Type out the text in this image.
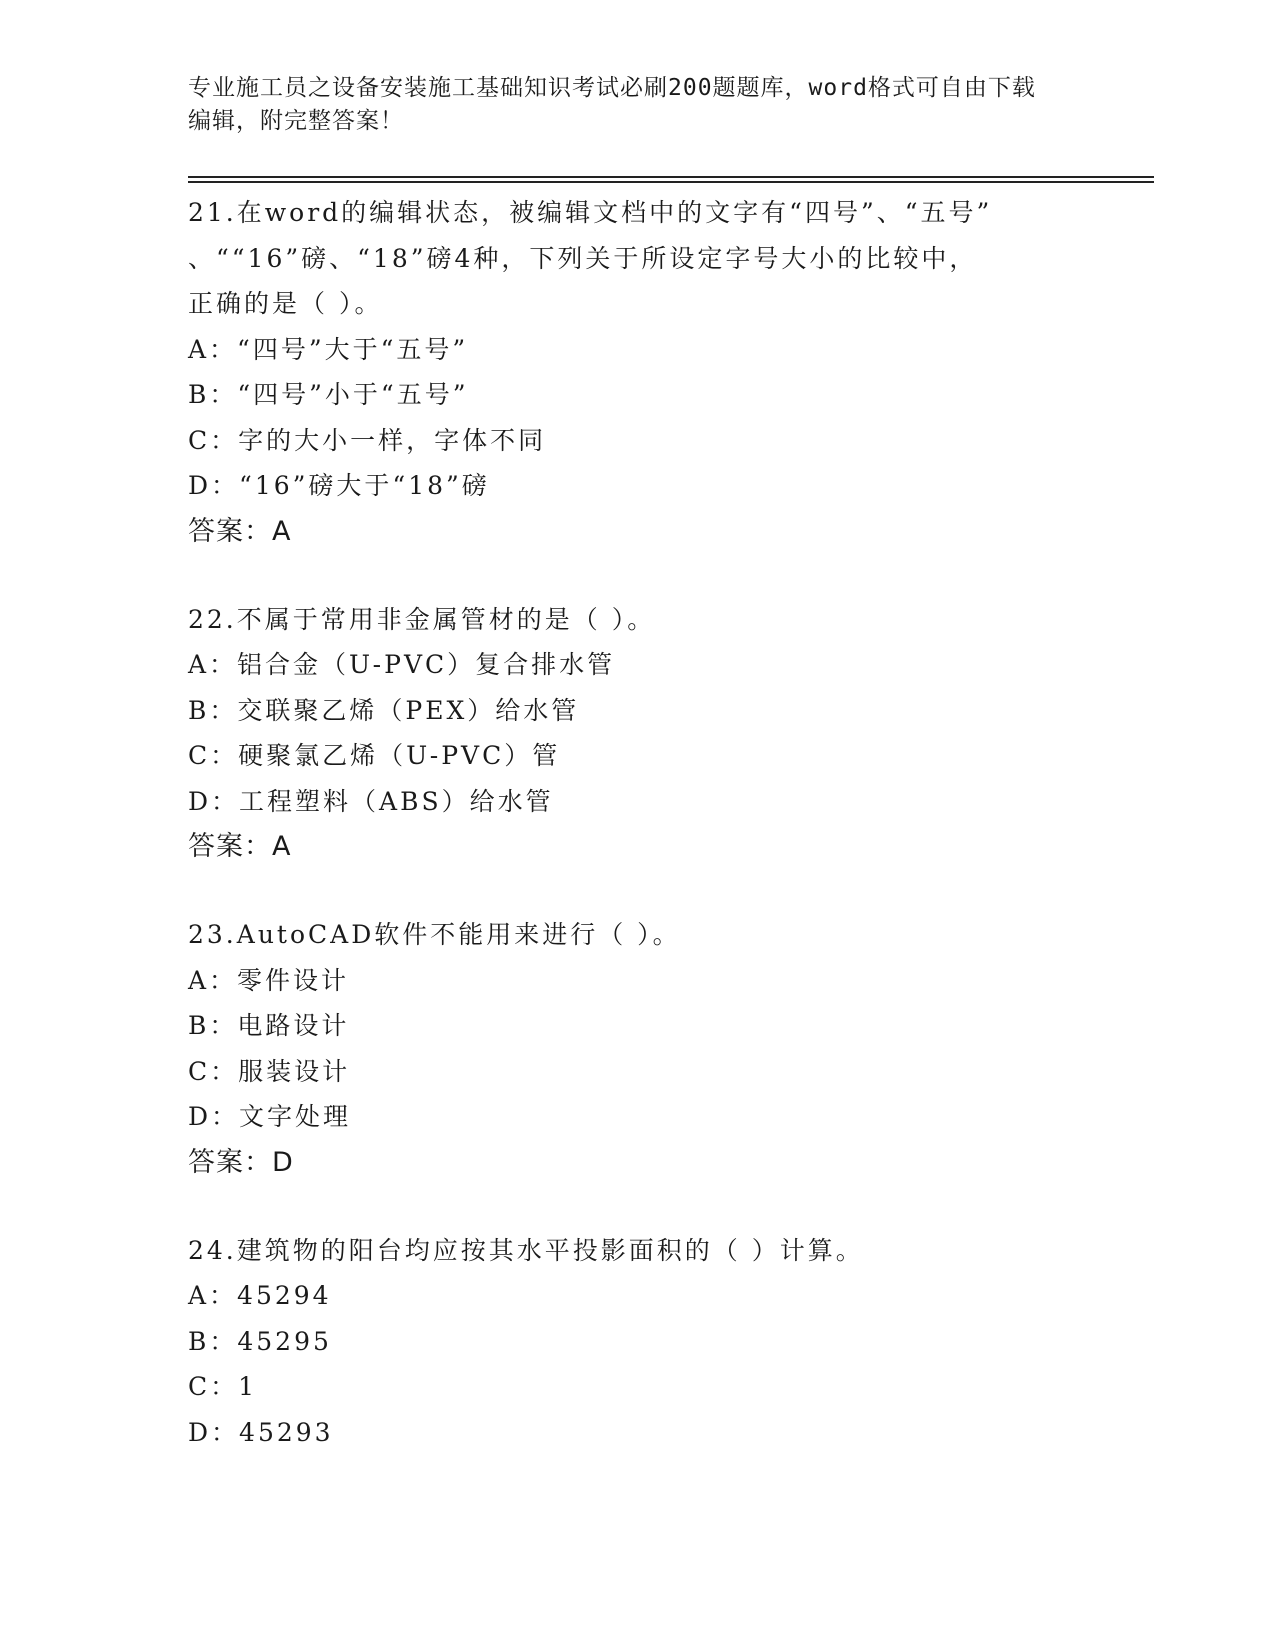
专业施工员之设备安装施工基础知识考试必刷200题题库，word格式可自由下载
编辑，附完整答案！
21.在word的编辑状态，被编辑文档中的文字有“四号”、“五号”
、““16”磅、“18”磅4种，下列关于所设定字号大小的比较中，
正确的是（ ）。
A：“四号”大于“五号”
B：“四号”小于“五号”
C：字的大小一样，字体不同
D：“16”磅大于“18”磅
答案：A
22.不属于常用非金属管材的是（ ）。
A：铝合金（U-PVC）复合排水管
B：交联聚乙烯（PEX）给水管
C：硬聚氯乙烯（U-PVC）管
D：工程塑料（ABS）给水管
答案：A
23.AutoCAD软件不能用来进行（ ）。
A：零件设计
B：电路设计
C：服装设计
D：文字处理
答案：D
24.建筑物的阳台均应按其水平投影面积的（ ）计算。
A：45294
B：45295
C：1
D：45293
